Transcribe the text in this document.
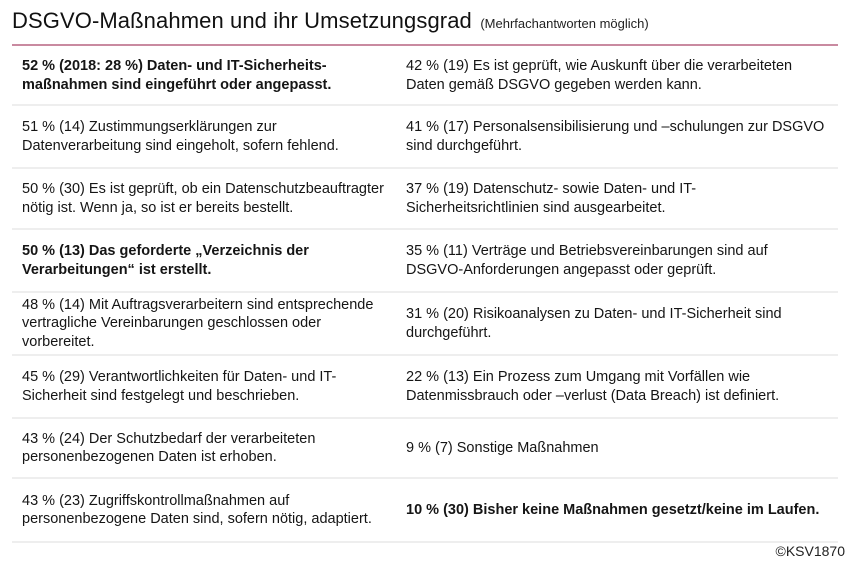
DSGVO-Maßnahmen und ihr Umsetzungsgrad (Mehrfachantworten möglich)
52 % (2018: 28 %) Daten- und IT-Sicherheits-maßnahmen sind eingeführt oder angepasst.
42 % (19) Es ist geprüft, wie Auskunft über die verarbeiteten Daten gemäß DSGVO gegeben werden kann.
51 % (14) Zustimmungserklärungen zur Datenverarbeitung sind eingeholt, sofern fehlend.
41 % (17) Personalsensibilisierung und –schulungen zur DSGVO sind durchgeführt.
50 % (30) Es ist geprüft, ob ein Datenschutzbeauftragter nötig ist. Wenn ja, so ist er bereits bestellt.
37 % (19) Datenschutz- sowie Daten- und IT-Sicherheitsrichtlinien sind ausgearbeitet.
50 % (13) Das geforderte „Verzeichnis der Verarbeitungen“ ist erstellt.
35 % (11) Verträge und Betriebsvereinbarungen sind auf DSGVO-Anforderungen angepasst oder geprüft.
48 % (14) Mit Auftragsverarbeitern sind entsprechende vertragliche Vereinbarungen geschlossen oder vorbereitet.
31 % (20) Risikoanalysen zu Daten- und IT-Sicherheit sind durchgeführt.
45 % (29) Verantwortlichkeiten für Daten- und IT-Sicherheit sind festgelegt und beschrieben.
22 % (13) Ein Prozess zum Umgang mit Vorfällen wie Datenmissbrauch oder –verlust (Data Breach) ist definiert.
43 % (24) Der Schutzbedarf der verarbeiteten personenbezogenen Daten ist erhoben.
9 % (7) Sonstige Maßnahmen
43 % (23) Zugriffskontrollmaßnahmen auf personenbezogene Daten sind, sofern nötig, adaptiert.
10 % (30) Bisher keine Maßnahmen gesetzt/keine im Laufen.
©KSV1870
